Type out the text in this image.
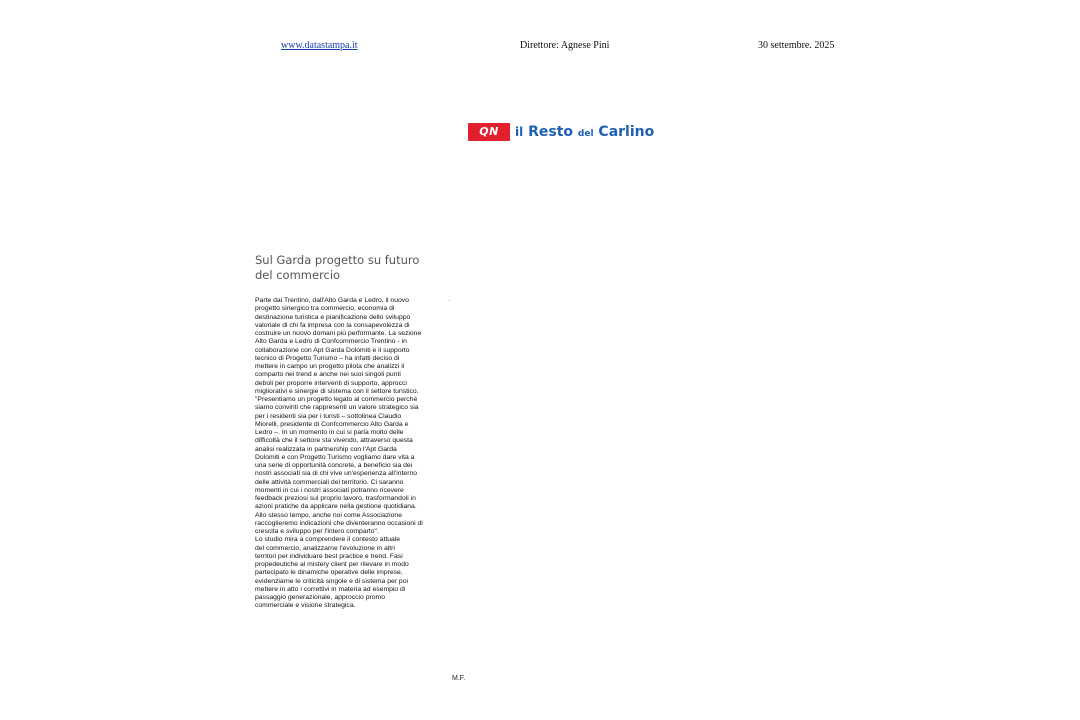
www.datastampa.it	Direttore: Agnese Pini	30 settembre. 2025
QN il Resto del Carlino
Sul Garda progetto su futuro
del commercio
Parte dal Trentino, dall'Alto Garda e Ledro, il nuovo
progetto sinergico tra commercio, economia di
destinazione turistica e pianificazione dello sviluppo
valoriale di chi fa impresa con la consapevolezza di
costruire un nuovo domani più performante. La sezione
Alto Garda e Ledro di Confcommercio Trentino - in
collaborazione con Apt Garda Dolomiti e il supporto
tecnico di Progetto Turismo – ha infatti deciso di
mettere in campo un progetto pilota che analizzi il
comparto nei trend e anche nei suoi singoli punti
deboli per proporre interventi di supporto, approcci
migliorativi e sinergie di sistema con il settore turistico.
"Presentiamo un progetto legato al commercio perché
siamo convinti che rappresenti un valore strategico sia
per i residenti sia per i turisti – sottolinea Claudio
Miorelli, presidente di Confcommercio Alto Garda e
Ledro –. In un momento in cui si parla molto delle
difficoltà che il settore sta vivendo, attraverso questa
analisi realizzata in partnership con l'Apt Garda
Dolomiti e con Progetto Turismo vogliamo dare vita a
una serie di opportunità concrete, a beneficio sia dei
nostri associati sia di chi vive un'esperienza all'interno
delle attività commerciali del territorio. Ci saranno
momenti in cui i nostri associati potranno ricevere
feedback preziosi sul proprio lavoro, trasformandoli in
azioni pratiche da applicare nella gestione quotidiana.
Allo stesso tempo, anche noi come Associazione
raccoglieremo indicazioni che diventeranno occasioni di
crescita e sviluppo per l'intero comparto".
Lo studio mira a comprendere il contesto attuale
del commercio, analizzarne l'evoluzione in altri
territori per individuare best practice e trend. Fasi
propedeutiche al mistery client per rilevare in modo
partecipato le dinamiche operative delle imprese,
evidenziarne le criticità singole e di sistema per poi
mettere in atto i correttivi in materia ad esempio di
passaggio generazionale, approccio promo
commerciale e visione strategica.
M.F.
